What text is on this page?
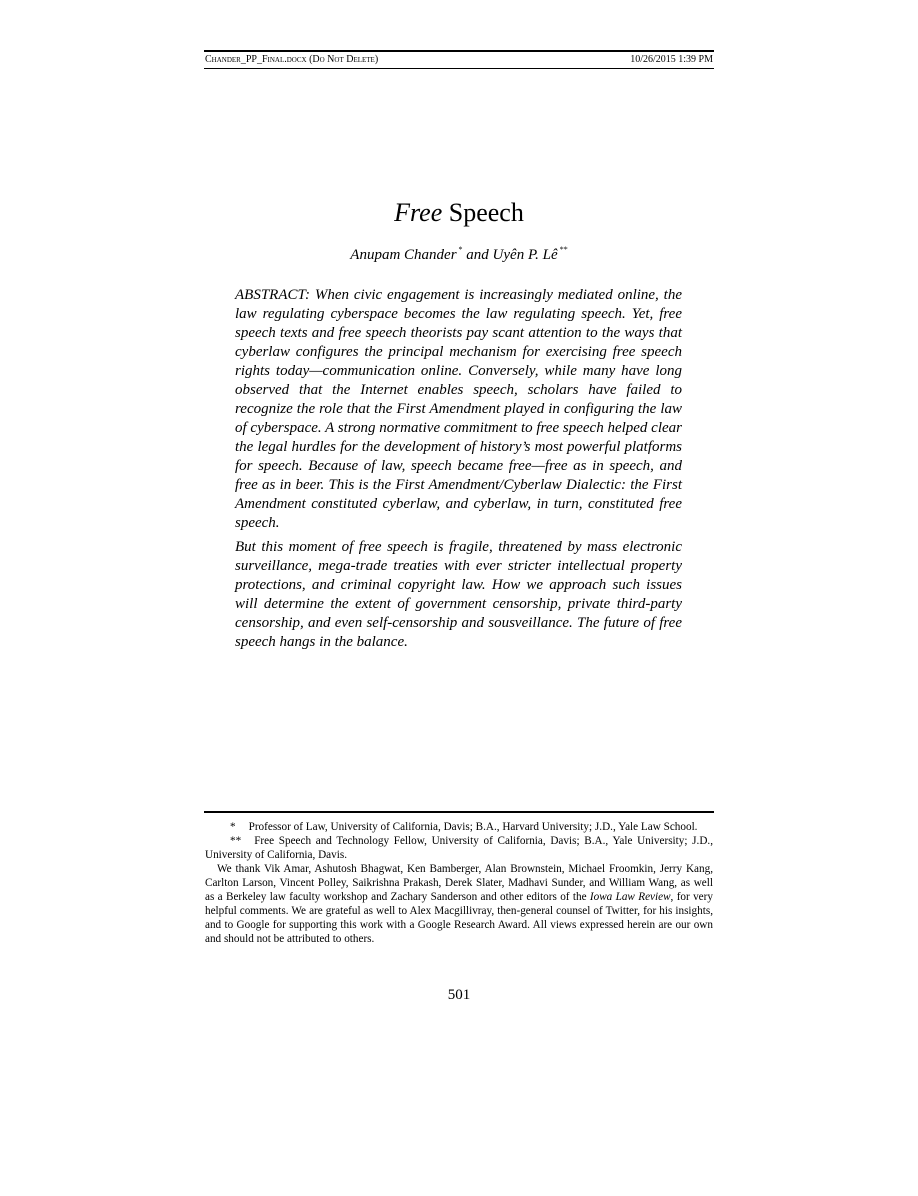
Chander_PP_Final.docx (Do Not Delete)	10/26/2015 1:39 PM
Free Speech
Anupam Chander * and Uyên P. Lê **

ABSTRACT: When civic engagement is increasingly mediated online, the law regulating cyberspace becomes the law regulating speech. Yet, free speech texts and free speech theorists pay scant attention to the ways that cyberlaw configures the principal mechanism for exercising free speech rights today—communication online. Conversely, while many have long observed that the Internet enables speech, scholars have failed to recognize the role that the First Amendment played in configuring the law of cyberspace. A strong normative commitment to free speech helped clear the legal hurdles for the development of history’s most powerful platforms for speech. Because of law, speech became free—free as in speech, and free as in beer. This is the First Amendment/Cyberlaw Dialectic: the First Amendment constituted cyberlaw, and cyberlaw, in turn, constituted free speech.

But this moment of free speech is fragile, threatened by mass electronic surveillance, mega-trade treaties with ever stricter intellectual property protections, and criminal copyright law. How we approach such issues will determine the extent of government censorship, private third-party censorship, and even self-censorship and sousveillance. The future of free speech hangs in the balance.

* Professor of Law, University of California, Davis; B.A., Harvard University; J.D., Yale Law School.

** Free Speech and Technology Fellow, University of California, Davis; B.A., Yale University; J.D., University of California, Davis.

We thank Vik Amar, Ashutosh Bhagwat, Ken Bamberger, Alan Brownstein, Michael Froomkin, Jerry Kang, Carlton Larson, Vincent Polley, Saikrishna Prakash, Derek Slater, Madhavi Sunder, and William Wang, as well as a Berkeley law faculty workshop and Zachary Sanderson and other editors of the Iowa Law Review, for very helpful comments. We are grateful as well to Alex Macgillivray, then-general counsel of Twitter, for his insights, and to Google for supporting this work with a Google Research Award. All views expressed herein are our own and should not be attributed to others.

501
